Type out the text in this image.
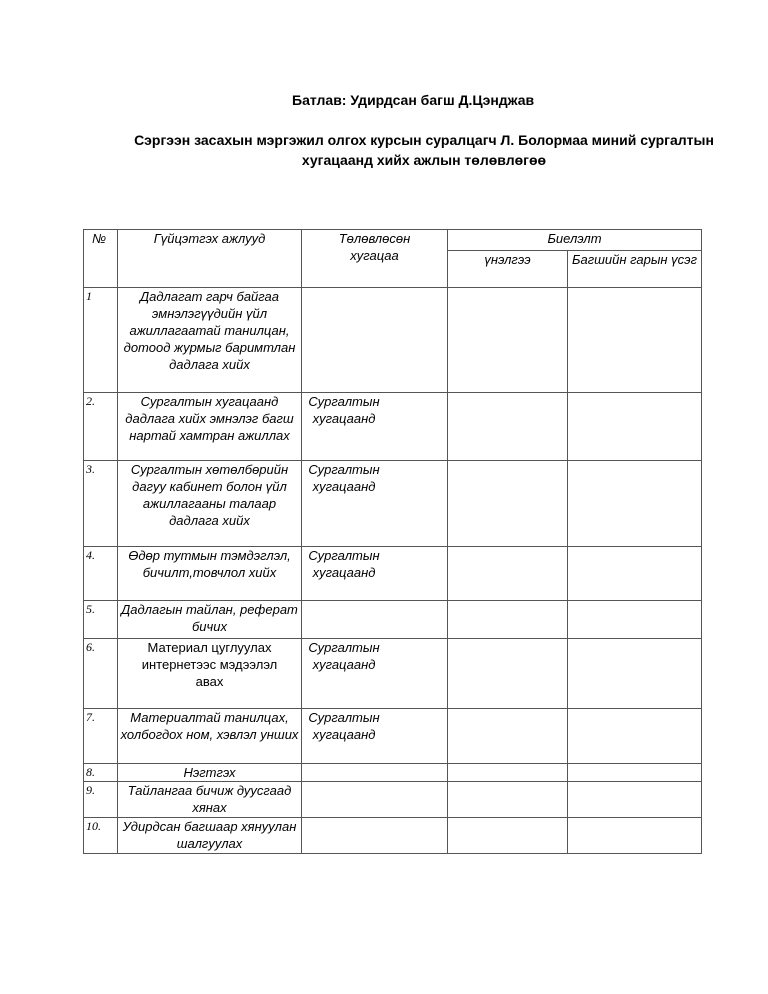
Батлав: Удирдсан багш Д.Цэнджав
Сэргээн засахын мэргэжил олгох курсын суралцагч Л. Болормаа миний сургалтын
хугацаанд хийх ажлын төлөвлөгөө
№	Гүйцэтгэх ажлууд	Төлөвлөсөн хугацаа	Биелэлт	
			үнэлгээ	Багшийн гарын үсэг
1	Дадлагат гарч байгаа эмнэлэгүүдийн үйл ажиллагаатай танилцан, дотоод журмыг баримтлан дадлага хийх			
2.	Сургалтын хугацаанд дадлага хийх эмнэлэг багш нартай хамтран ажиллах	Сургалтын хугацаанд		
3.	Сургалтын хөтөлбөрийн дагуу кабинет болон үйл ажиллагааны талаар дадлага хийх	Сургалтын хугацаанд		
4.	Өдөр тутмын тэмдэглэл, бичилт,товчлол хийх	Сургалтын хугацаанд		
5.	Дадлагын тайлан, реферат бичих			
6.	Материал цуглуулах интернетээс мэдээлэл авах	Сургалтын хугацаанд		
7.	Материалтай танилцах, холбогдох ном, хэвлэл унших	Сургалтын хугацаанд		
8.	Нэгтгэх			
9.	Тайлангаа бичиж дуусгаад хянах			
10.	Удирдсан багшаар хянуулан шалгуулах			
